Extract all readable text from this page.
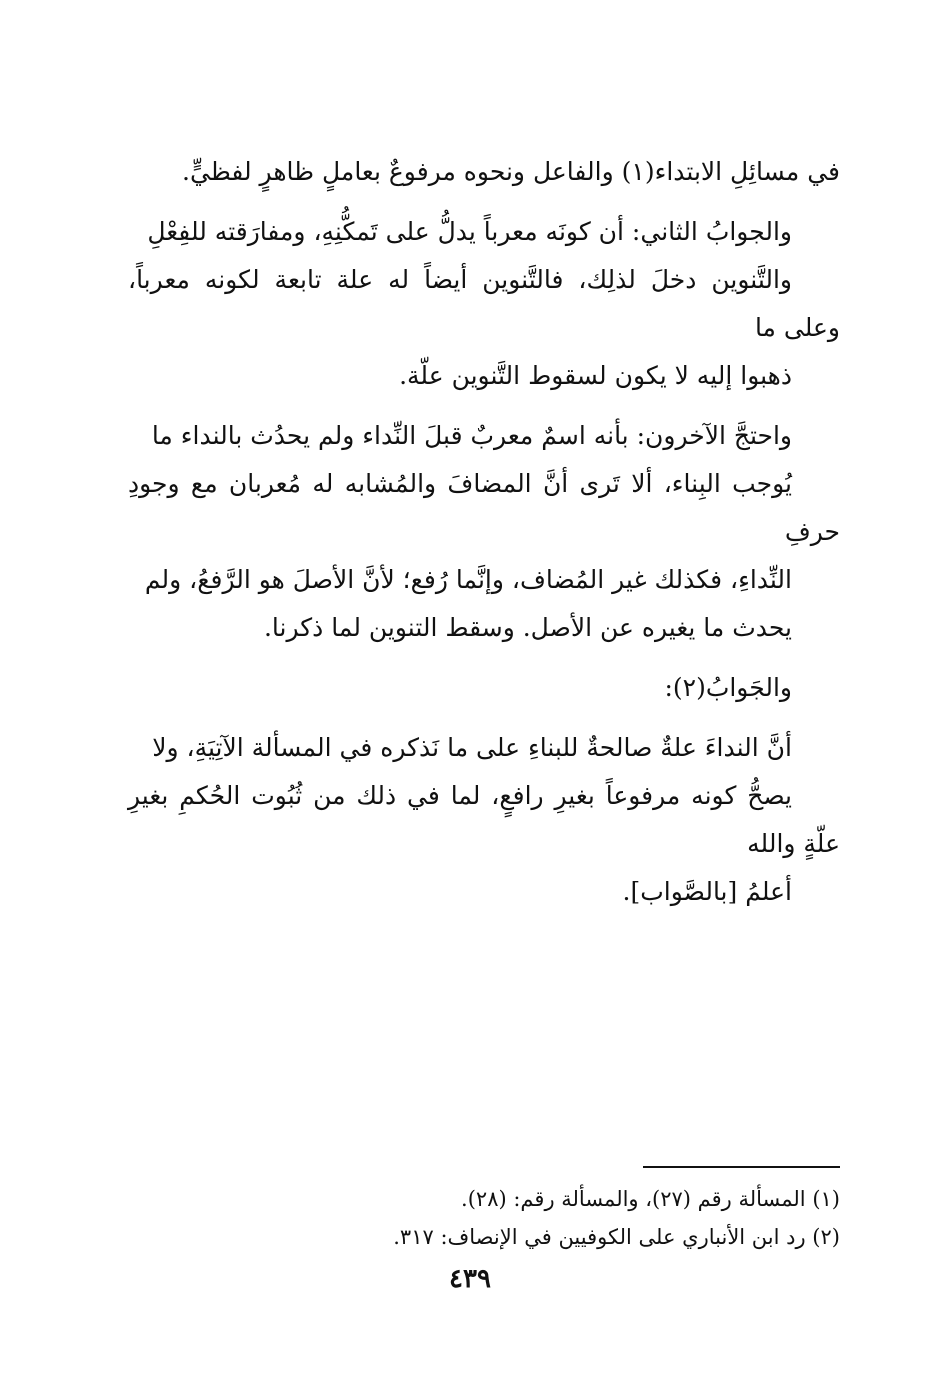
في مسائِلِ الابتداء(١) والفاعل ونحوه مرفوعٌ بعاملٍ ظاهرٍ لفظيٍّ.

والجوابُ الثاني: أن كونَه معرباً يدلُّ على تَمكُّنِهِ، ومفارَقته للفِعْلِ
والتَّنوين دخلَ لذلِك، فالتَّنوين أيضاً له علة تابعة لكونه معرباً، وعلى ما
ذهبوا إليه لا يكون لسقوط التَّنوين علّة.

واحتجَّ الآخرون: بأنه اسمٌ معربٌ قبلَ النِّداء ولم يحدُث بالنداء ما
يُوجب البِناء، ألا تَرى أنَّ المضافَ والمُشابه له مُعربان مع وجودِ حرفِ
النِّداءِ، فكذلك غير المُضاف، وإنَّما رُفع؛ لأنَّ الأصلَ هو الرَّفعُ، ولم
يحدث ما يغيره عن الأصل. وسقط التنوين لما ذكرنا.

والجَوابُ(٢):

أنَّ النداءَ علةٌ صالحةٌ للبناءِ على ما نَذكره في المسألة الآتِيَةِ، ولا
يصحُّ كونه مرفوعاً بغيرِ رافعٍ، لما في ذلك من ثُبُوت الحُكمِ بغيرِ علّةٍ والله
أعلمُ [بالصَّواب].

(١) المسألة رقم (٢٧)، والمسألة رقم: (٢٨).

(٢) رد ابن الأنباري على الكوفيين في الإنصاف: ٣١٧.

٤٣٩
